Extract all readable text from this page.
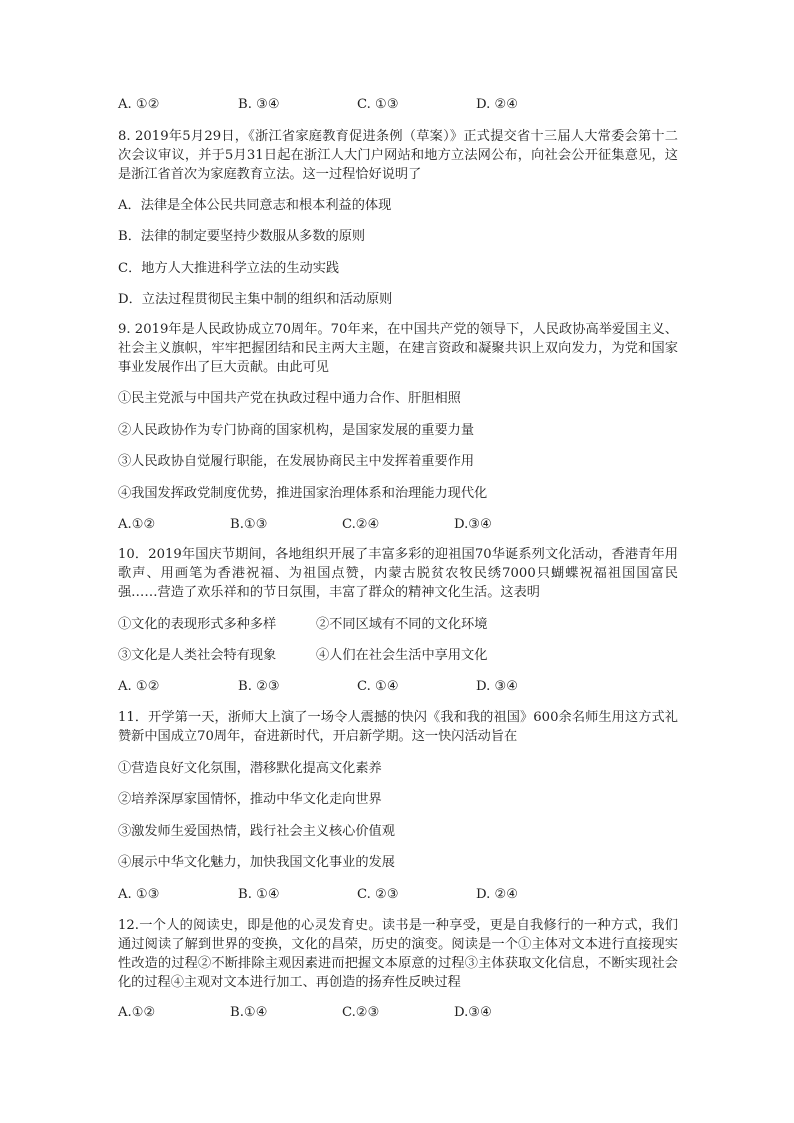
A. ①②	B. ③④	C. ①③	D. ②④
8. 2019年5月29日，《浙江省家庭教育促进条例（草案）》正式提交省十三届人大常委会第十二次会议审议，并于5月31日起在浙江人大门户网站和地方立法网公布，向社会公开征集意见，这是浙江省首次为家庭教育立法。这一过程恰好说明了
A．法律是全体公民共同意志和根本利益的体现
B．法律的制定要坚持少数服从多数的原则
C．地方人大推进科学立法的生动实践
D．立法过程贯彻民主集中制的组织和活动原则
9. 2019年是人民政协成立70周年。70年来，在中国共产党的领导下，人民政协高举爱国主义、社会主义旗帜，牢牢把握团结和民主两大主题，在建言资政和凝聚共识上双向发力，为党和国家事业发展作出了巨大贡献。由此可见
①民主党派与中国共产党在执政过程中通力合作、肝胆相照
②人民政协作为专门协商的国家机构，是国家发展的重要力量
③人民政协自觉履行职能，在发展协商民主中发挥着重要作用
④我国发挥政党制度优势，推进国家治理体系和治理能力现代化
A.①②	B.①③	C.②④	D.③④
10．2019年国庆节期间，各地组织开展了丰富多彩的迎祖国70华诞系列文化活动，香港青年用歌声、用画笔为香港祝福、为祖国点赞，内蒙古脱贫农牧民绣7000只蝴蝶祝福祖国国富民强……营造了欢乐祥和的节日氛围，丰富了群众的精神文化生活。这表明
①文化的表现形式多种多样	②不同区域有不同的文化环境
③文化是人类社会特有现象	④人们在社会生活中享用文化
A. ①②	B. ②③	C. ①④	D. ③④
11．开学第一天，浙师大上演了一场令人震撼的快闪《我和我的祖国》600余名师生用这方式礼赞新中国成立70周年，奋进新时代，开启新学期。这一快闪活动旨在
①营造良好文化氛围，潜移默化提高文化素养
②培养深厚家国情怀，推动中华文化走向世界
③激发师生爱国热情，践行社会主义核心价值观
④展示中华文化魅力，加快我国文化事业的发展
A. ①③	B. ①④	C. ②③	D. ②④
12.一个人的阅读史，即是他的心灵发育史。读书是一种享受，更是自我修行的一种方式，我们通过阅读了解到世界的变换，文化的昌荣，历史的演变。阅读是一个①主体对文本进行直接现实性改造的过程②不断排除主观因素进而把握文本原意的过程③主体获取文化信息，不断实现社会化的过程④主观对文本进行加工、再创造的扬弃性反映过程
A.①②	B.①④	C.②③	D.③④
